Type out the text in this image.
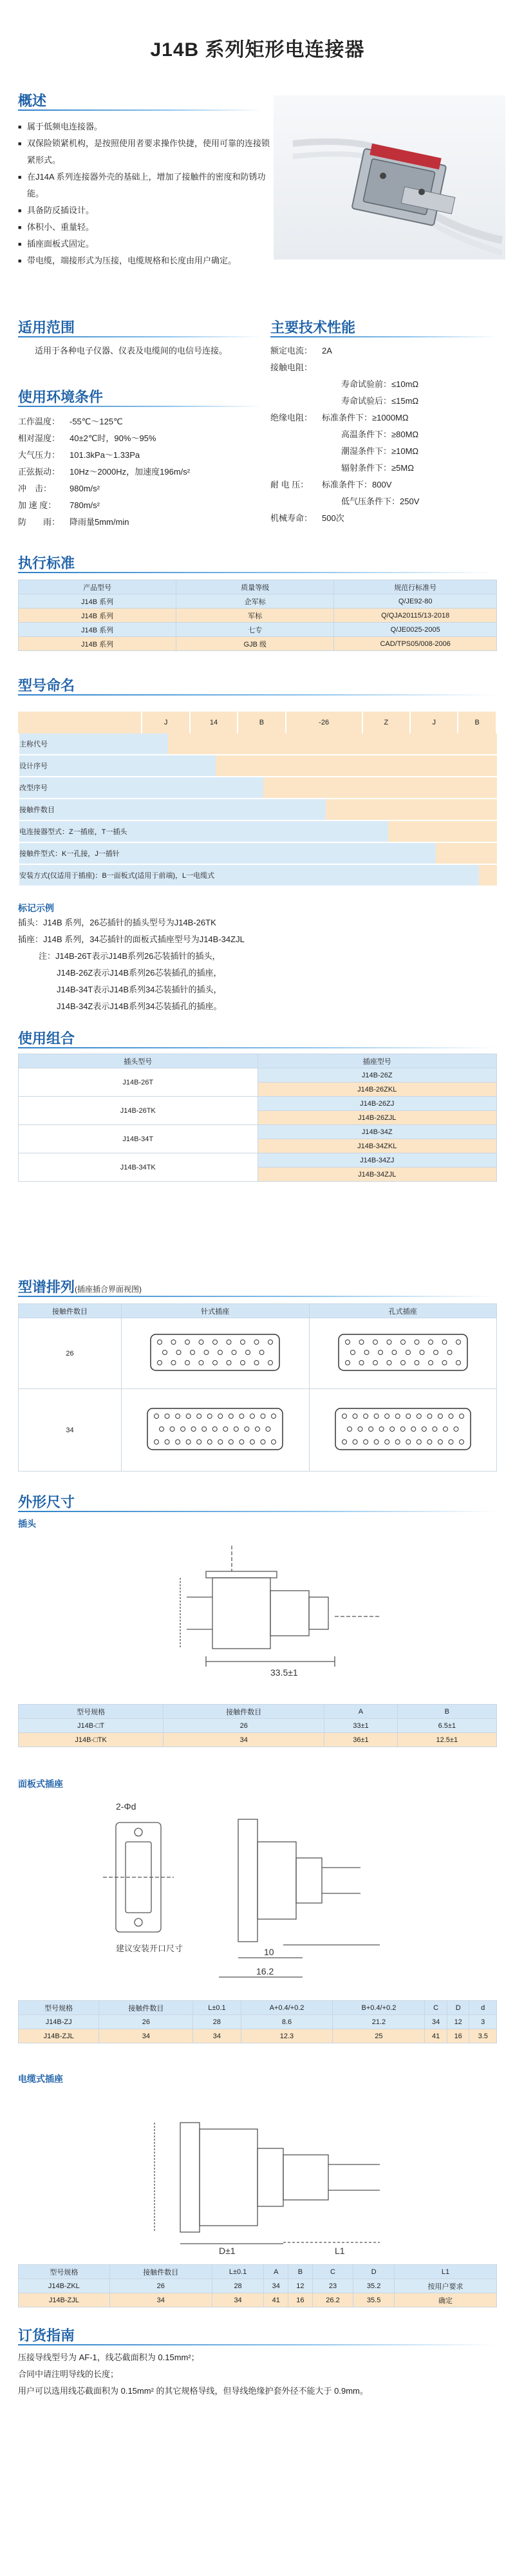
J14B 系列矩形电连接器
概述
■ 属于低频电连接器。
■ 双保险锁紧机构，是按照使用者要求操作快捷，使用可靠的连接锁紧形式。
■ 在J14A 系列连接器外壳的基础上，增加了接触件的密度和防锈功能。
■ 具备防反插设计。
■ 体积小、重量轻。
■ 插座面板式固定。
■ 带电缆，端接形式为压接，电缆规格和长度由用户确定。
适用范围
适用于各种电子仪器、仪表及电缆间的电信号连接。
使用环境条件
工作温度：	-55℃～125℃
相对湿度：	40±2℃时，90%～95%
大气压力：	101.3kPa～1.33Pa
正弦振动：	10Hz～2000Hz，加速度196m/s²
冲　击：	980m/s²
加 速 度：	780m/s²
防　　雨：	降雨量5mm/min
主要技术性能
额定电流：	2A
接触电阻：
寿命试验前：≤10mΩ
寿命试验后：≤15mΩ
绝缘电阻：	标准条件下：≥1000MΩ
高温条件下：≥80MΩ
潮湿条件下：≥10MΩ
辐射条件下：≥5MΩ
耐 电 压：	标准条件下：800V
低气压条件下：250V
机械寿命：	500次
执行标准
产品型号	质量等级	规范行标准号
J14B 系列	企军标	Q/JE92-80
J14B 系列	军标	Q/QJA20115/13-2018
J14B 系列	七专	Q/JE0025-2005
J14B 系列	GJB 级	CAD/TPS05/008-2006
型号命名
J	14	B	-26	Z	J	B
主称代号
设计序号
改型序号
接触件数目
电连接器型式：Z一插座，T一插头
接触件型式：K一孔接，J一插针
安装方式(仅适用于插座)：B一面板式(适用于前端)，L一电缆式
标记示例
插头：J14B 系列，26芯插针的插头型号为J14B-26TK
插座：J14B 系列，34芯插针的面板式插座型号为J14B-34ZJL
注：J14B-26T表示J14B系列26芯装插针的插头，
J14B-26Z表示J14B系列26芯装插孔的插座，
J14B-34T表示J14B系列34芯装插针的插头，
J14B-34Z表示J14B系列34芯装插孔的插座。
使用组合
插头型号	插座型号
J14B-26T	J14B-26Z
	J14B-26ZKL
J14B-26TK	J14B-26ZJ
	J14B-26ZJL
J14B-34T	J14B-34Z
	J14B-34ZKL
J14B-34TK	J14B-34ZJ
	J14B-34ZJL
型谱排列(插座插合界面视图)
接触件数目	针式插座	孔式插座
26		
34		
外形尺寸
插头
33.5±1
型号规格	接触件数目	A	B
J14B-□T	26	33±1	6.5±1
J14B-□TK	34	36±1	12.5±1
面板式插座
2-Φd
10
16.2
建议安装开口尺寸
型号规格	接触件数目	L±0.1	A+0.4/+0.2	B+0.4/+0.2	C	D	d
J14B-ZJ	26	28	8.6	21.2	34	12	3
J14B-ZJL	34	34	12.3	25	41	16	3.5
电缆式插座
D±1	L1
型号规格	接触件数目	L±0.1	A	B	C	D	L1
J14B-ZKL	26	28	34	12	23	35.2	按用户要求
J14B-ZJL	34	34	41	16	26.2	35.5	确定
订货指南
压接导线型号为 AF-1，线芯截面积为 0.15mm²；
合同中请注明导线的长度；
用户可以选用线芯截面积为 0.15mm² 的其它规格导线，但导线绝缘护套外径不能大于 0.9mm。
